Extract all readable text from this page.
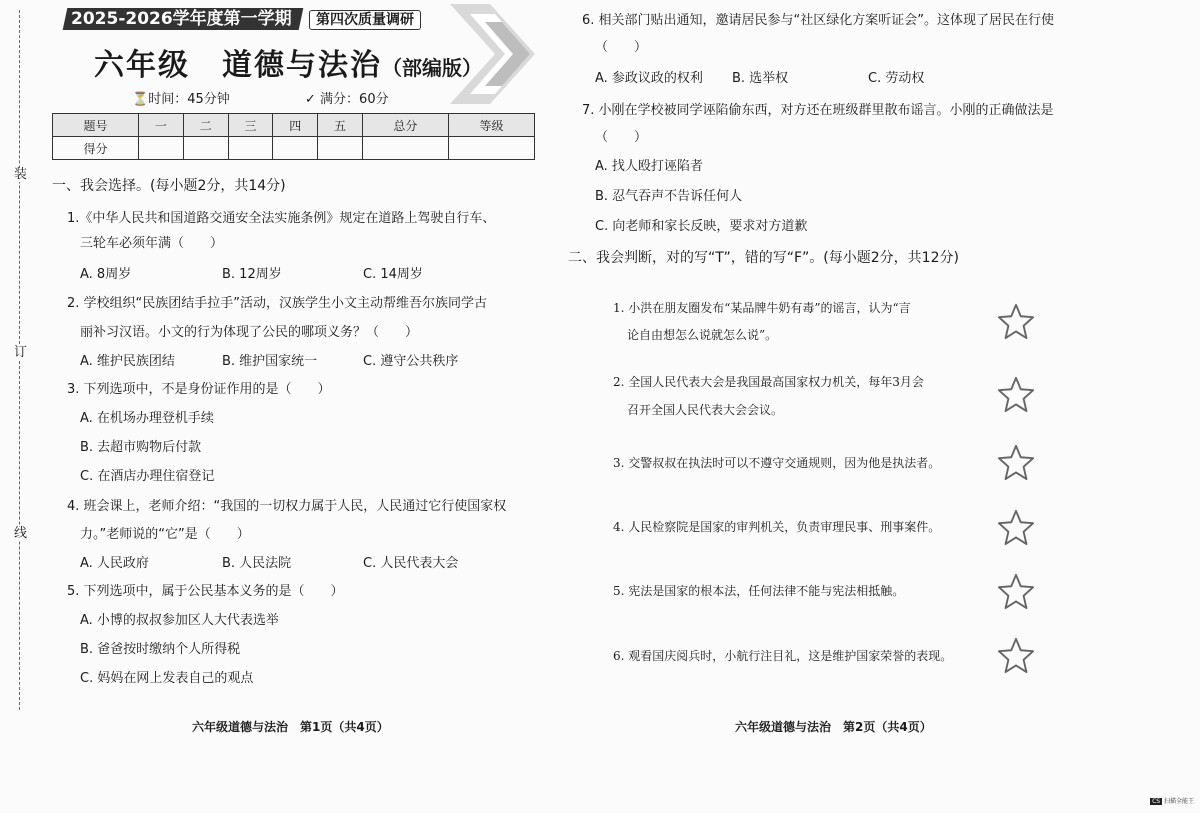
装
订
线
2025-2026学年度第一学期	第四次质量调研
六年级　道德与法治（部编版）
⏳时间：45分钟	✓ 满分：60分
题号	一	二	三	四	五	总分	等级
得分							
一、我会选择。(每小题2分，共14分)
1.《中华人民共和国道路交通安全法实施条例》规定在道路上驾驶自行车、
三轮车必须年满（　　）
A. 8周岁	B. 12周岁	C. 14周岁
2. 学校组织“民族团结手拉手”活动，汉族学生小文主动帮维吾尔族同学古
丽补习汉语。小文的行为体现了公民的哪项义务？（　　）
A. 维护民族团结	B. 维护国家统一	C. 遵守公共秩序
3. 下列选项中，不是身份证作用的是（　　）
A. 在机场办理登机手续
B. 去超市购物后付款
C. 在酒店办理住宿登记
4. 班会课上，老师介绍：“我国的一切权力属于人民，人民通过它行使国家权
力。”老师说的“它”是（　　）
A. 人民政府	B. 人民法院	C. 人民代表大会
5. 下列选项中，属于公民基本义务的是（　　）
A. 小博的叔叔参加区人大代表选举
B. 爸爸按时缴纳个人所得税
C. 妈妈在网上发表自己的观点
六年级道德与法治　第1页（共4页）
6. 相关部门贴出通知，邀请居民参与“社区绿化方案听证会”。这体现了居民在行使
（　　）
A. 参政议政的权利 B. 选举权	C. 劳动权
7. 小刚在学校被同学诬陷偷东西，对方还在班级群里散布谣言。小刚的正确做法是
（　　）
A. 找人殴打诬陷者
B. 忍气吞声不告诉任何人
C. 向老师和家长反映，要求对方道歉
二、我会判断，对的写“T”，错的写“F”。(每小题2分，共12分)
1. 小洪在朋友圈发布“某品牌牛奶有毒”的谣言，认为“言
论自由想怎么说就怎么说”。
2. 全国人民代表大会是我国最高国家权力机关，每年3月会
召开全国人民代表大会会议。
3. 交警叔叔在执法时可以不遵守交通规则，因为他是执法者。
4. 人民检察院是国家的审判机关，负责审理民事、刑事案件。
5. 宪法是国家的根本法，任何法律不能与宪法相抵触。
6. 观看国庆阅兵时，小航行注目礼，这是维护国家荣誉的表现。
六年级道德与法治　第2页（共4页）
CS 扫描全能王
